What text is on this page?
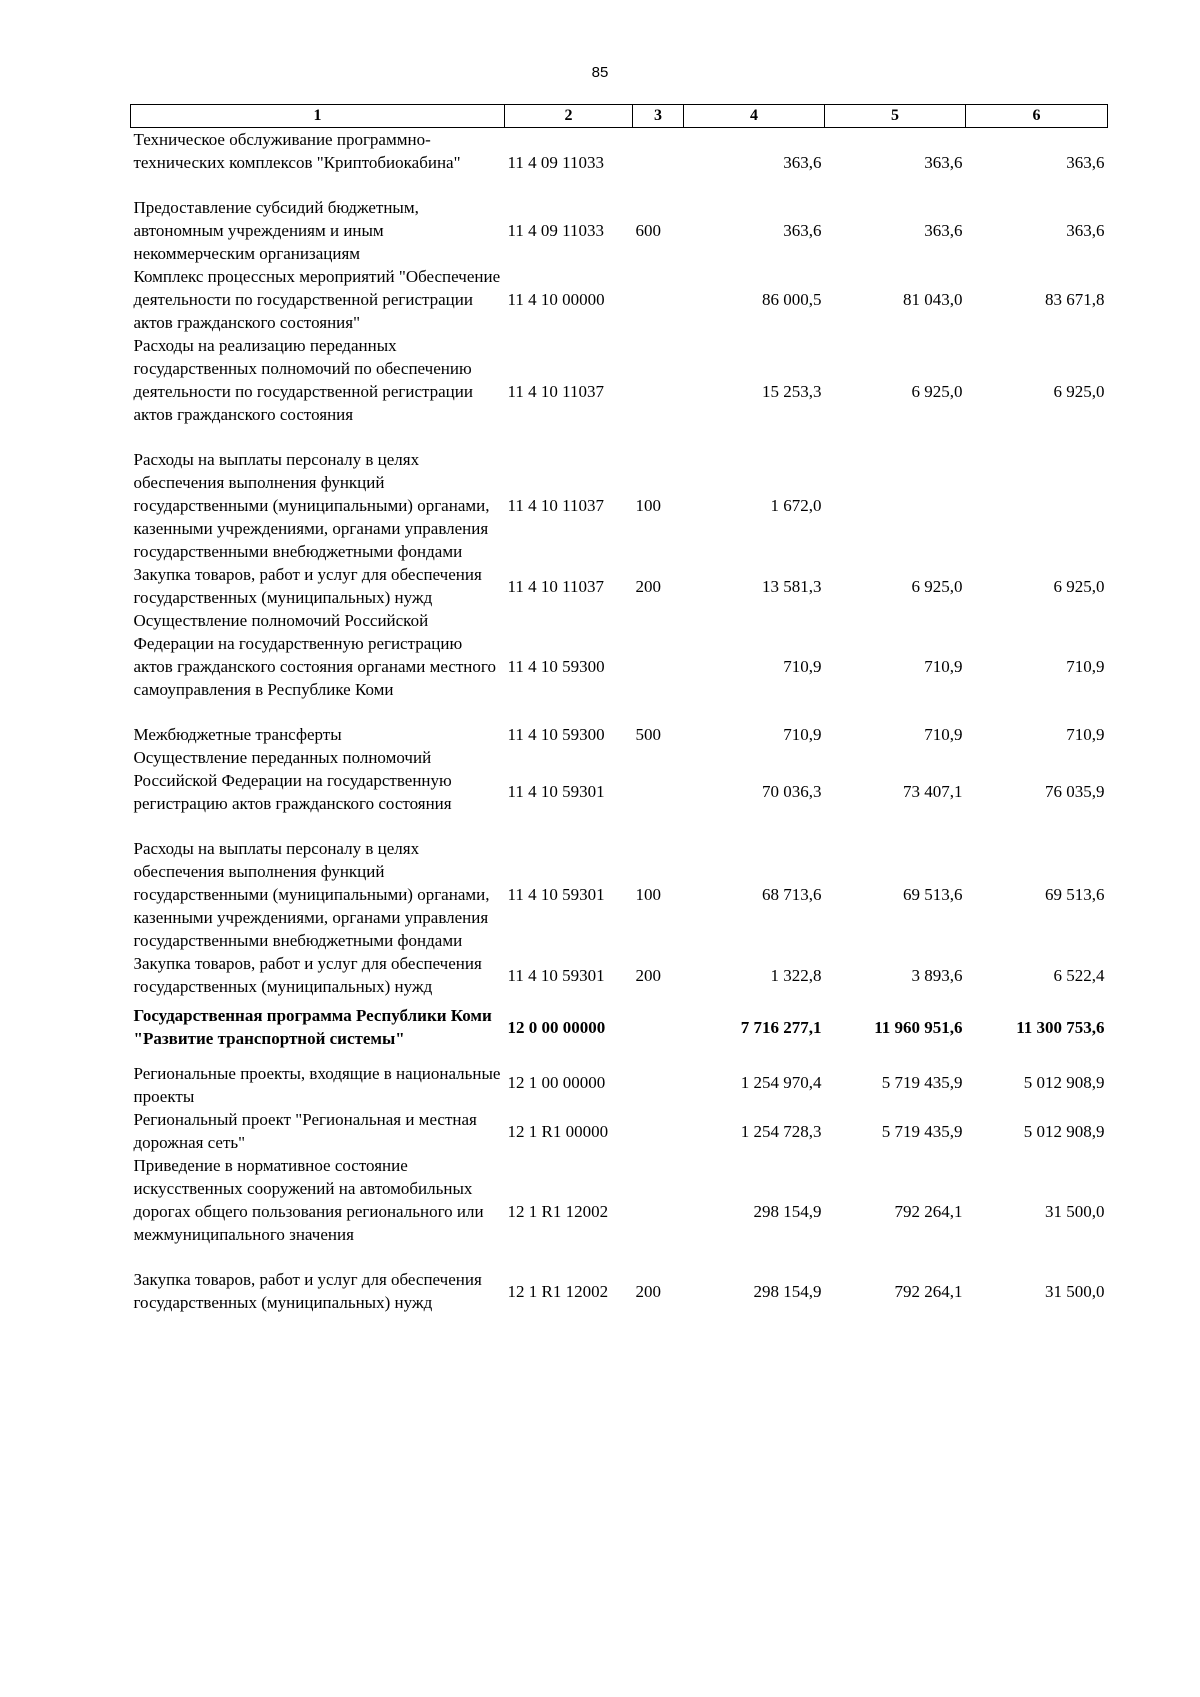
85
1	2	3	4	5	6
Техническое обслуживание программно-технических комплексов "Криптобиокабина"	11 4 09 11033		363,6	363,6	363,6
Предоставление субсидий бюджетным, автономным учреждениям и иным некоммерческим организациям	11 4 09 11033	600	363,6	363,6	363,6
Комплекс процессных мероприятий "Обеспечение деятельности по государственной регистрации актов гражданского состояния"	11 4 10 00000		86 000,5	81 043,0	83 671,8
Расходы на реализацию переданных государственных полномочий по обеспечению деятельности по государственной регистрации актов гражданского состояния	11 4 10 11037		15 253,3	6 925,0	6 925,0
Расходы на выплаты персоналу в целях обеспечения выполнения функций государственными (муниципальными) органами, казенными учреждениями, органами управления государственными внебюджетными фондами	11 4 10 11037	100	1 672,0		
Закупка товаров, работ и услуг для обеспечения государственных (муниципальных) нужд	11 4 10 11037	200	13 581,3	6 925,0	6 925,0
Осуществление полномочий Российской Федерации на государственную регистрацию актов гражданского состояния органами местного самоуправления в Республике Коми	11 4 10 59300		710,9	710,9	710,9
Межбюджетные трансферты	11 4 10 59300	500	710,9	710,9	710,9
Осуществление переданных полномочий Российской Федерации на государственную регистрацию актов гражданского состояния	11 4 10 59301		70 036,3	73 407,1	76 035,9
Расходы на выплаты персоналу в целях обеспечения выполнения функций государственными (муниципальными) органами, казенными учреждениями, органами управления государственными внебюджетными фондами	11 4 10 59301	100	68 713,6	69 513,6	69 513,6
Закупка товаров, работ и услуг для обеспечения государственных (муниципальных) нужд	11 4 10 59301	200	1 322,8	3 893,6	6 522,4
Государственная программа Республики Коми "Развитие транспортной системы"	12 0 00 00000		7 716 277,1	11 960 951,6	11 300 753,6
Региональные проекты, входящие в национальные проекты	12 1 00 00000		1 254 970,4	5 719 435,9	5 012 908,9
Региональный проект "Региональная и местная дорожная сеть"	12 1 R1 00000		1 254 728,3	5 719 435,9	5 012 908,9
Приведение в нормативное состояние искусственных сооружений на автомобильных дорогах общего пользования регионального или межмуниципального значения	12 1 R1 12002		298 154,9	792 264,1	31 500,0
Закупка товаров, работ и услуг для обеспечения государственных (муниципальных) нужд	12 1 R1 12002	200	298 154,9	792 264,1	31 500,0
